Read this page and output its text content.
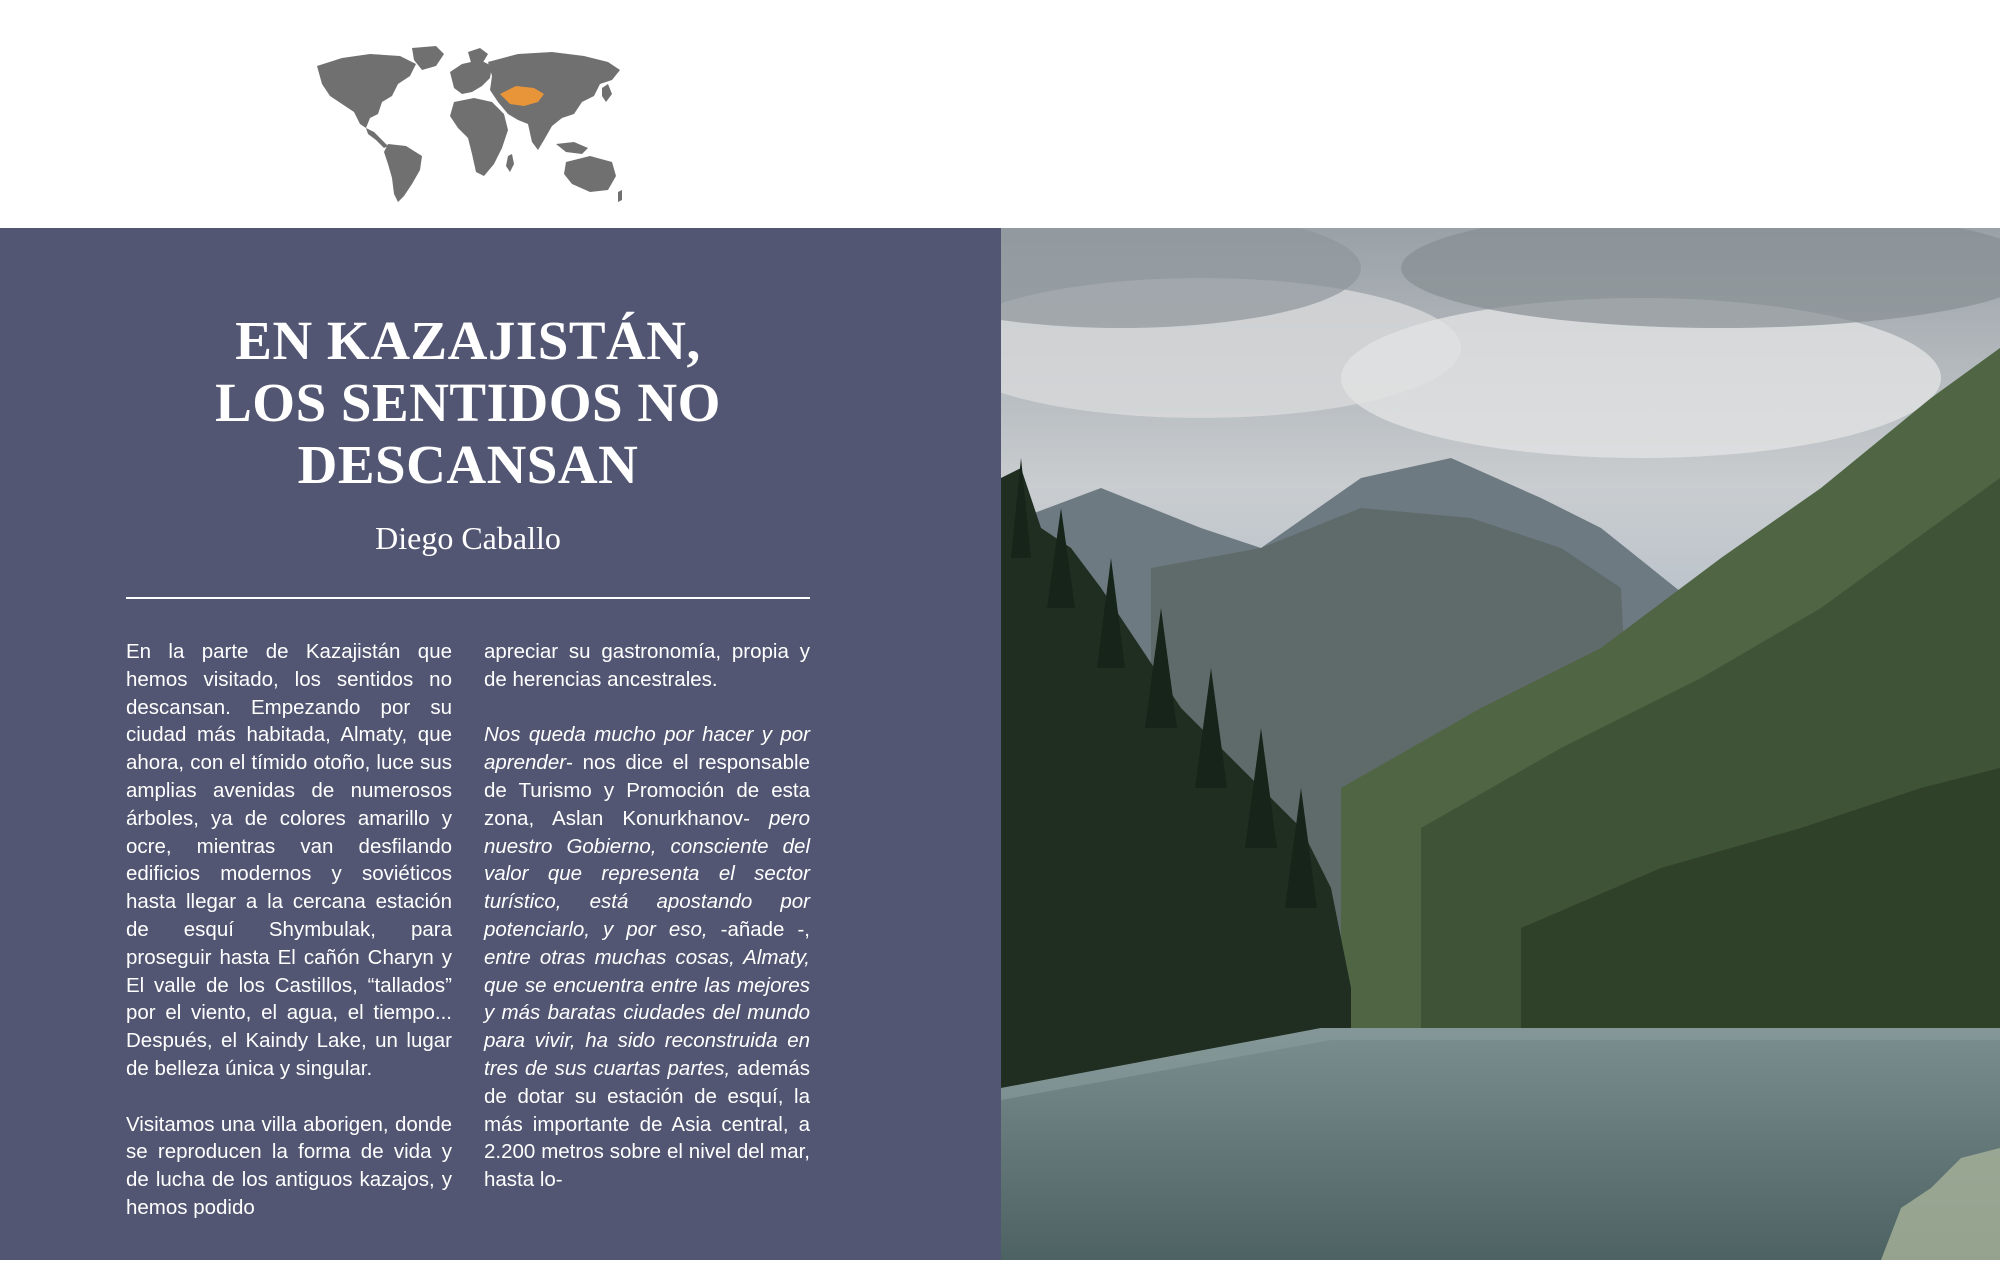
EN KAZAJISTÁN,
LOS SENTIDOS NO
DESCANSAN
Diego Caballo

En la parte de Kazajistán que hemos visitado, los sentidos no descansan. Empezando por su ciudad más habitada, Almaty, que ahora, con el tímido otoño, luce sus amplias avenidas de numerosos árboles, ya de colores amarillo y ocre, mientras van desfilando edificios modernos y soviéticos hasta llegar a la cercana estación de esquí Shymbulak, para proseguir hasta El cañón Charyn y El valle de los Castillos, “tallados” por el viento, el agua, el tiempo... Después, el Kaindy Lake, un lugar de belleza única y singular.

Visitamos una villa aborigen, donde se reproducen la forma de vida y de lucha de los antiguos kazajos, y hemos podido

apreciar su gastronomía, propia y de herencias ancestrales.

Nos queda mucho por hacer y por aprender- nos dice el responsable de Turismo y Promoción de esta zona, Aslan Konurkhanov- pero nuestro Gobierno, consciente del valor que representa el sector turístico, está apostando por potenciarlo, y por eso, -añade -, entre otras muchas cosas, Almaty, que se encuentra entre las mejores y más baratas ciudades del mundo para vivir, ha sido reconstruida en tres de sus cuartas partes, además de dotar su estación de esquí, la más importante de Asia central, a 2.200 metros sobre el nivel del mar, hasta lo-
